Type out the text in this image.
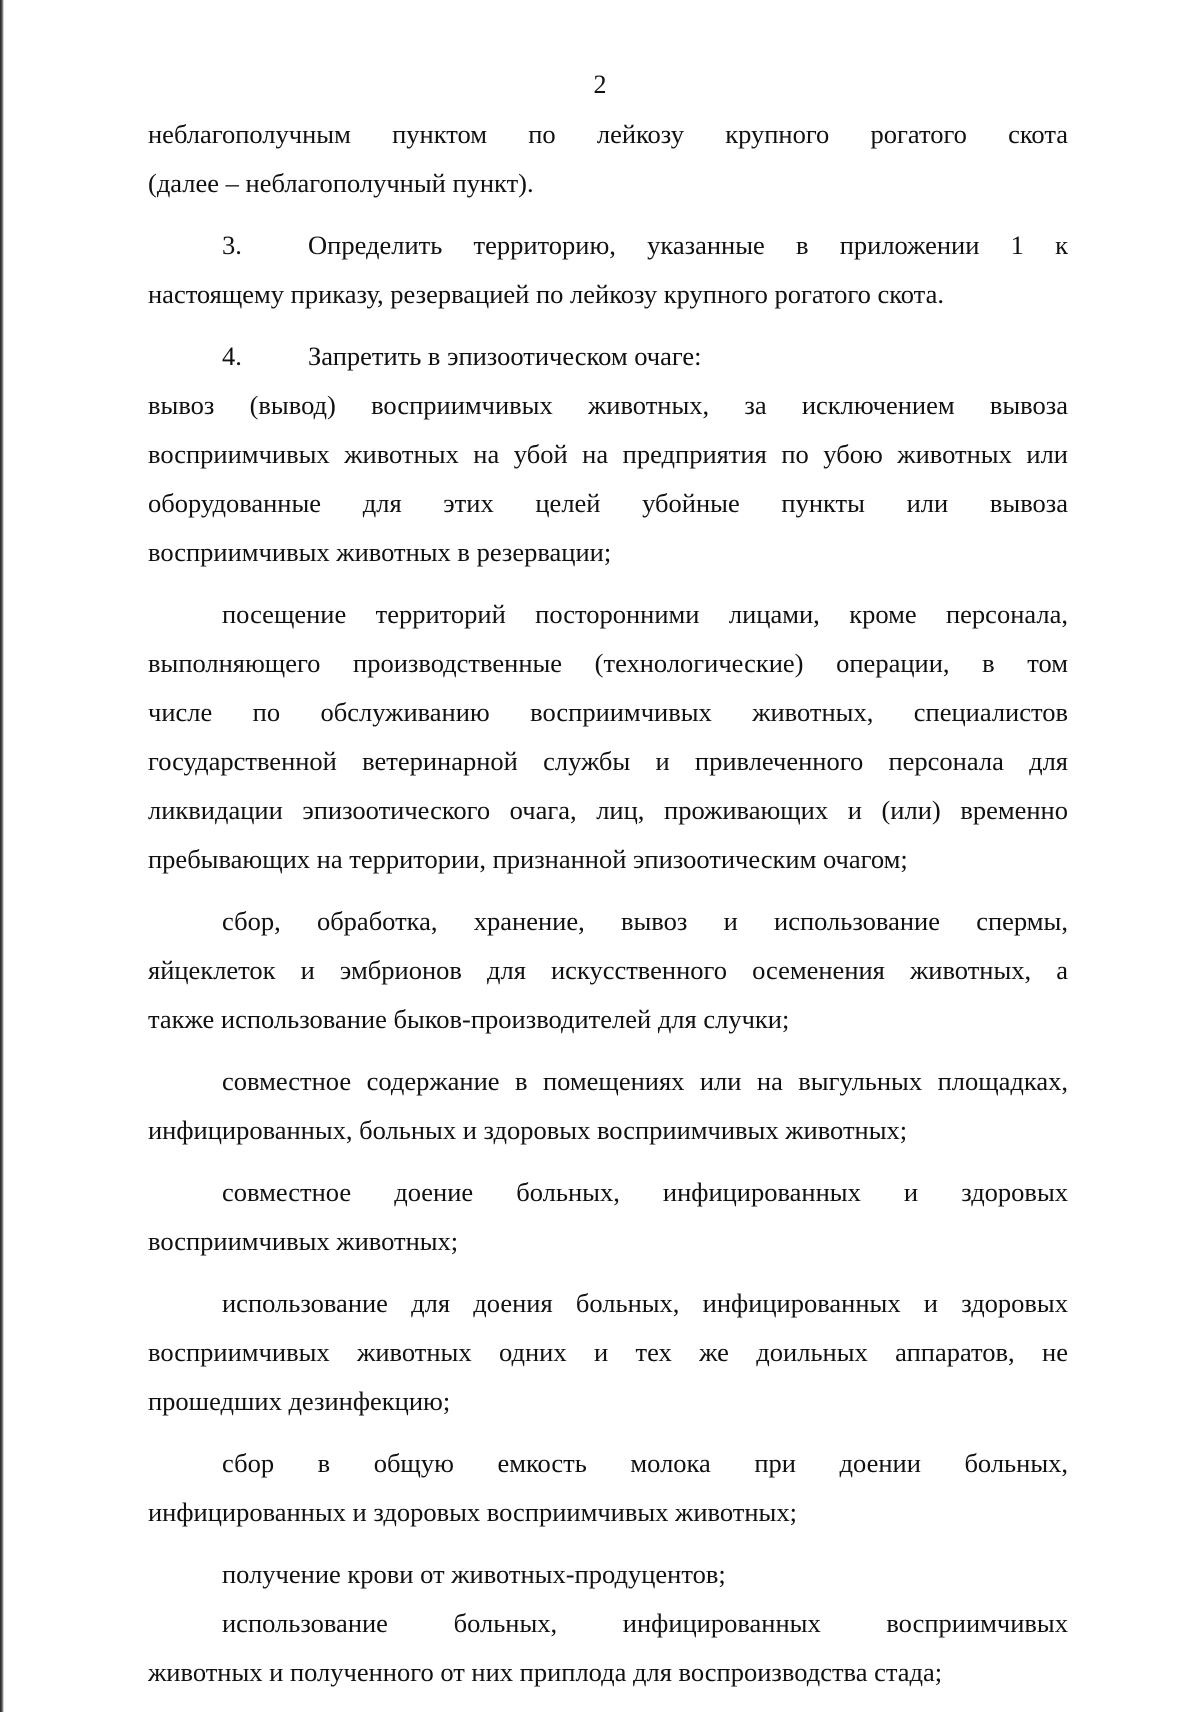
2

неблагополучным пунктом по лейкозу крупного рогатого скота

(далее – неблагополучный пункт).

3. Определить территорию, указанные в приложении 1 к

настоящему приказу, резервацией по лейкозу крупного рогатого скота.

4. Запретить в эпизоотическом очаге:

вывоз (вывод) восприимчивых животных, за исключением вывоза

восприимчивых животных на убой на предприятия по убою животных или

оборудованные для этих целей убойные пункты или вывоза

восприимчивых животных в резервации;

посещение территорий посторонними лицами, кроме персонала,

выполняющего производственные (технологические) операции, в том

числе по обслуживанию восприимчивых животных, специалистов

государственной ветеринарной службы и привлеченного персонала для

ликвидации эпизоотического очага, лиц, проживающих и (или) временно

пребывающих на территории, признанной эпизоотическим очагом;

сбор, обработка, хранение, вывоз и использование спермы,

яйцеклеток и эмбрионов для искусственного осеменения животных, а

также использование быков-производителей для случки;

совместное содержание в помещениях или на выгульных площадках,

инфицированных, больных и здоровых восприимчивых животных;

совместное доение больных, инфицированных и здоровых

восприимчивых животных;

использование для доения больных, инфицированных и здоровых

восприимчивых животных одних и тех же доильных аппаратов, не

прошедших дезинфекцию;

сбор в общую емкость молока при доении больных,

инфицированных и здоровых восприимчивых животных;

получение крови от животных-продуцентов;

использование больных, инфицированных восприимчивых

животных и полученного от них приплода для воспроизводства стада;
